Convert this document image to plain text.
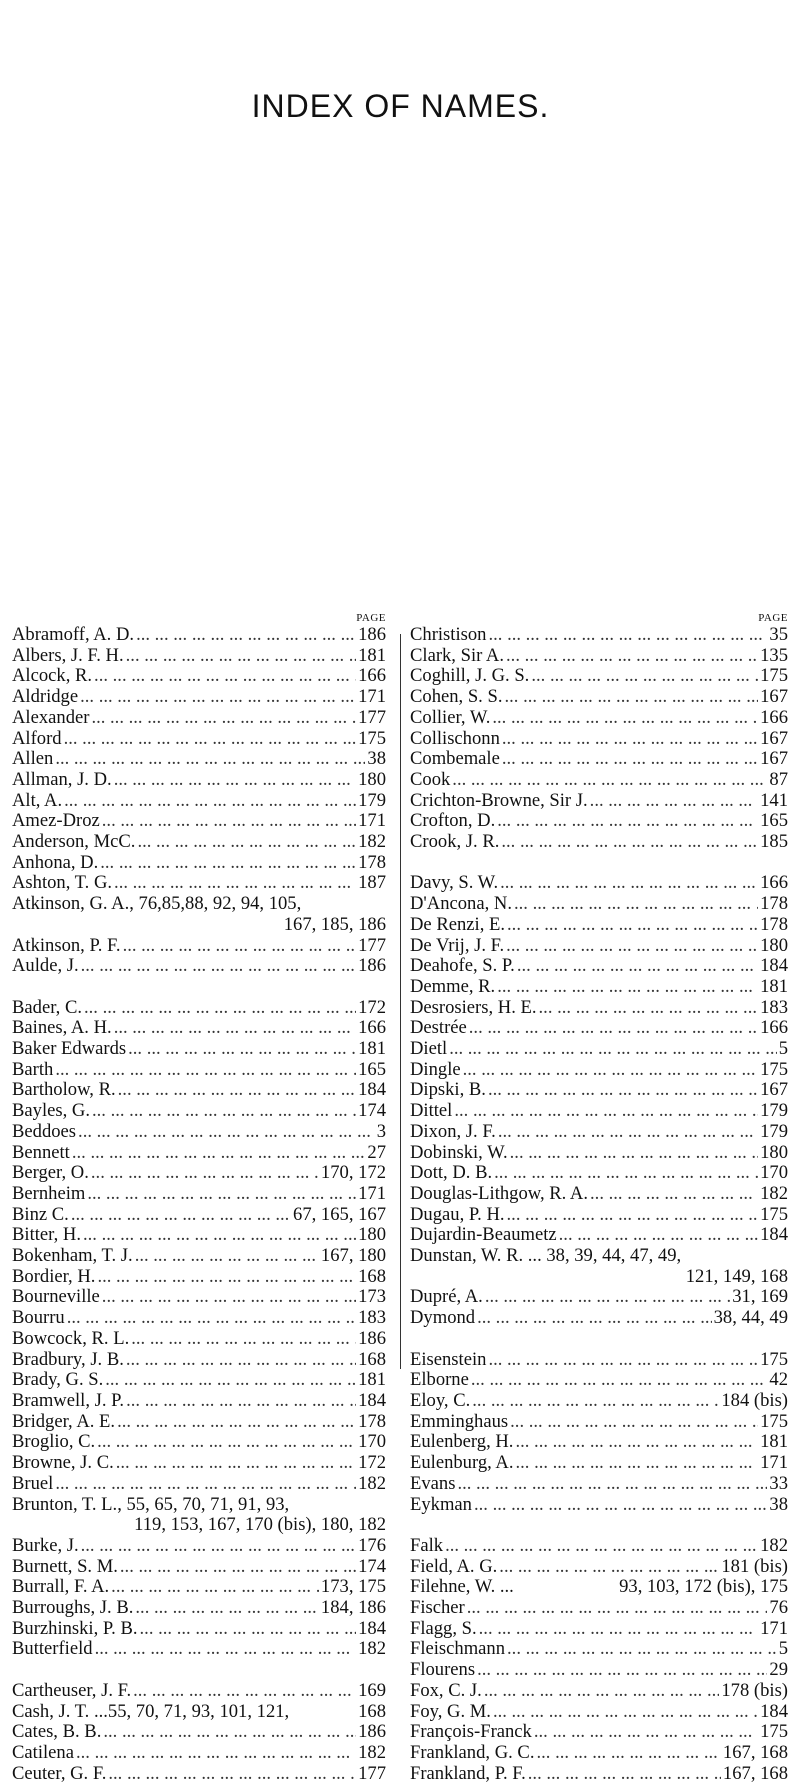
INDEX OF NAMES.
PAGE
Abramoff, A. D. ... .	186
Albers, J. F. H. ... .	181
Alcock, R. ... .	166
Aldridge ... .	171
Alexander ... .	177
Alford ... .	175
Allen ... .	38
Allman, J. D. ... .	180
Alt, A. ... .	179
Amez-Droz ... .	171
Anderson, McC. ... .	182
Anhona, D. ... .	178
Ashton, T. G. ... .	187
Atkinson, G. A., 76,85,88, 92, 94, 105,
167, 185, 186
Atkinson, P. F. ... .	177
Aulde, J. ... .	186
Bader, C. ... .	172
Baines, A. H. ... .	166
Baker Edwards ... .	181
Barth ... .	165
Bartholow, R. ... .	184
Bayles, G. ... .	174
Beddoes ... .	3
Bennett ... .	27
Berger, O. ... .	170, 172
Bernheim ... .	171
Binz C. ... .	67, 165, 167
Bitter, H. ... .	180
Bokenham, T. J. ... .	167, 180
Bordier, H. ... .	168
Bourneville ... .	173
Bourru ... .	183
Bowcock, R. L. ... .	186
Bradbury, J. B. ... .	168
Brady, G. S. ... .	181
Bramwell, J. P. ... .	184
Bridger, A. E. ... .	178
Broglio, C. ... .	170
Browne, J. C. ... .	172
Bruel ... .	182
Brunton, T. L., 55, 65, 70, 71, 91, 93,
119, 153, 167, 170 (bis), 180, 182
Burke, J. ... .	176
Burnett, S. M. ... .	174
Burrall, F. A. ... .	173, 175
Burroughs, J. B. ... .	184, 186
Burzhinski, P. B. ... .	184
Butterfield ... .	182
Cartheuser, J. F. ... .	169
Cash, J. T. ...55, 70, 71, 93, 101, 121,	168
Cates, B. B. ... .	186
Catilena ... .	182
Ceuter, G. F. ... .	177
PAGE
Christison ... .	35
Clark, Sir A. ... .	135
Coghill, J. G. S. ... .	175
Cohen, S. S. ... .	167
Collier, W. ... .	166
Collischonn ... .	167
Combemale ... .	167
Cook ... .	87
Crichton-Browne, Sir J. ... .	141
Crofton, D. ... .	165
Crook, J. R. ... .	185
Davy, S. W. ... .	166
D'Ancona, N. ... .	178
De Renzi, E. ... .	178
De Vrij, J. F. ... .	180
Deahofe, S. P. ... .	184
Demme, R. ... .	181
Desrosiers, H. E. ... .	183
Destrée ... .	166
Dietl ... .	5
Dingle ... .	175
Dipski, B. ... .	167
Dittel ... .	179
Dixon, J. F. ... .	179
Dobinski, W. ... .	180
Dott, D. B. ... .	170
Douglas-Lithgow, R. A. ... .	182
Dugau, P. H. ... .	175
Dujardin-Beaumetz ... .	184
Dunstan, W. R. ... 38, 39, 44, 47, 49,
121, 149, 168
Dupré, A. ... .	31, 169
Dymond ... .	38, 44, 49
Eisenstein ... .	175
Elborne ... .	42
Eloy, C. ... .	184 (bis)
Emminghaus ... .	175
Eulenberg, H. ... .	181
Eulenburg, A. ... .	171
Evans ... .	33
Eykman ... .	38
Falk ... .	182
Field, A. G. ... .	181 (bis)
Filehne, W. ...	93, 103, 172 (bis), 175
Fischer ... .	76
Flagg, S. ... .	171
Fleischmann ... .	5
Flourens ... .	29
Fox, C. J. ... .	178 (bis)
Foy, G. M. ... .	184
François-Franck ... .	175
Frankland, G. C. ... .	167, 168
Frankland, P. F. ... .	167, 168
